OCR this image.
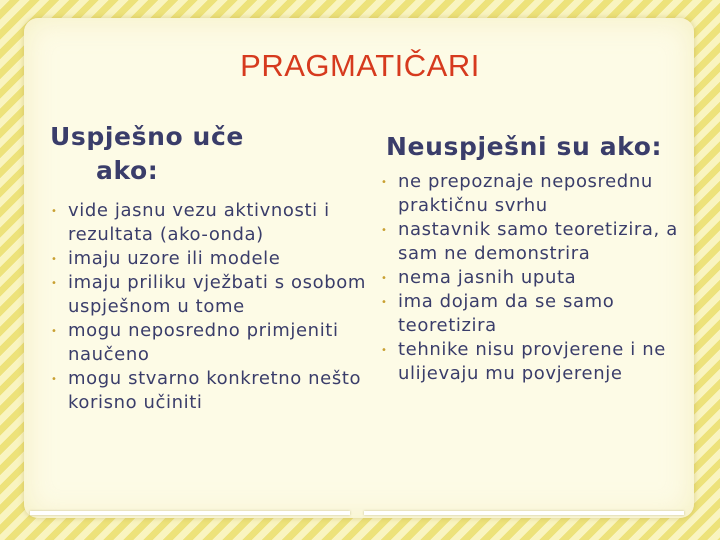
PRAGMATIČARI
Uspješno uče
ako:
• vide jasnu vezu aktivnosti i rezultata (ako-onda)
• imaju uzore ili modele
• imaju priliku vježbati s osobom uspješnom u tome
• mogu neposredno primjeniti naučeno
• mogu stvarno konkretno nešto korisno učiniti
Neuspješni su ako:
• ne prepoznaje neposrednu praktičnu svrhu
• nastavnik samo teoretizira, a sam ne demonstrira
• nema jasnih uputa
• ima dojam da se samo teoretizira
• tehnike nisu provjerene i ne ulijevaju mu povjerenje
